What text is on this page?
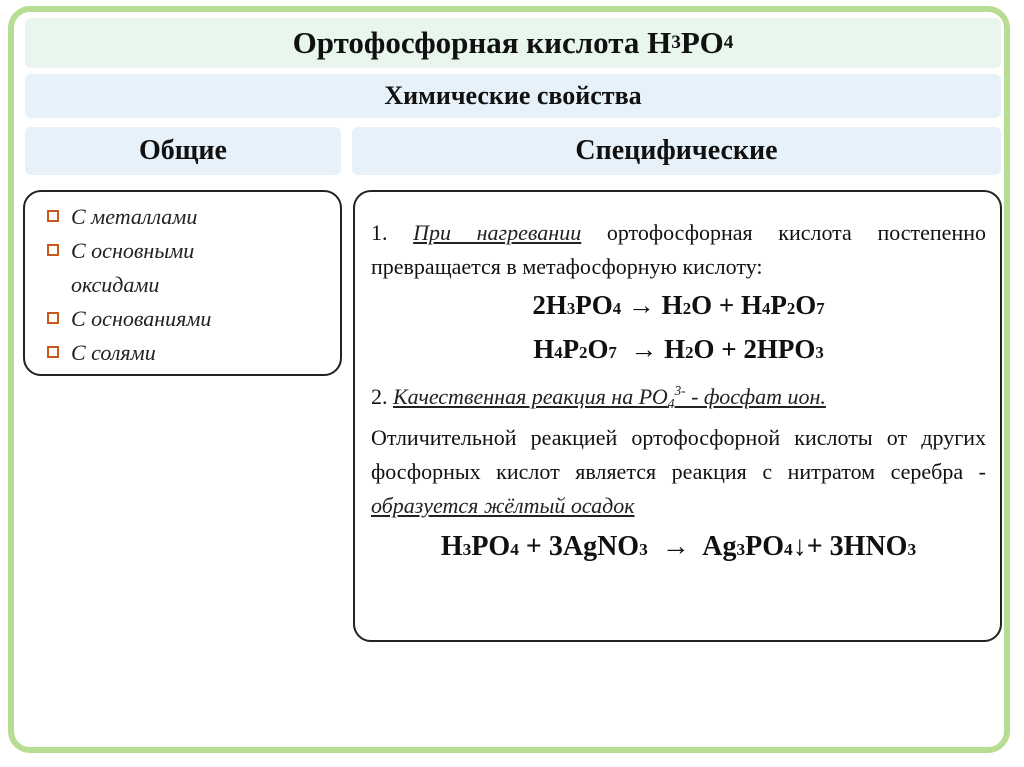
Ортофосфорная кислота Н 3 РО 4
Химические свойства
Общие	Специфические
С металлами
С основными
оксидами
С основаниями
С солями

1. При нагревании ортофосфорная кислота постепенно превращается в метафосфорную кислоту:

2H3PO4 → H2O + H4P2O7
H4P2O7  → H2O + 2HPO3

2. Качественная реакция на $РО_4^{3-}$ - фосфат ион.
Отличительной реакцией ортофосфорной кислоты от других фосфорных кислот является реакция с нитратом серебра - образуется жёлтый осадок

H3PO4 + 3AgNO3  →  Ag3PO4↓+ 3HNO3
